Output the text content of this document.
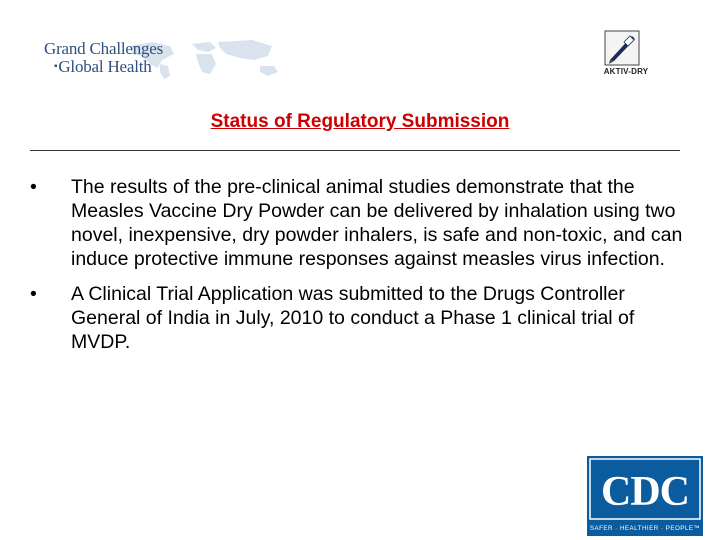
Grand Challenges
▪Global Health	AKTIV-DRY
Status of Regulatory Submission
• The results of the pre-clinical animal studies demonstrate that the Measles Vaccine Dry Powder can be delivered by inhalation using two novel, inexpensive, dry powder inhalers, is safe and non-toxic, and can induce protective immune responses against measles virus infection.
• A Clinical Trial Application was submitted to the Drugs Controller General of India in July, 2010 to conduct a Phase 1 clinical trial of MVDP.
CDC
SAFER · HEALTHIER · PEOPLE™
